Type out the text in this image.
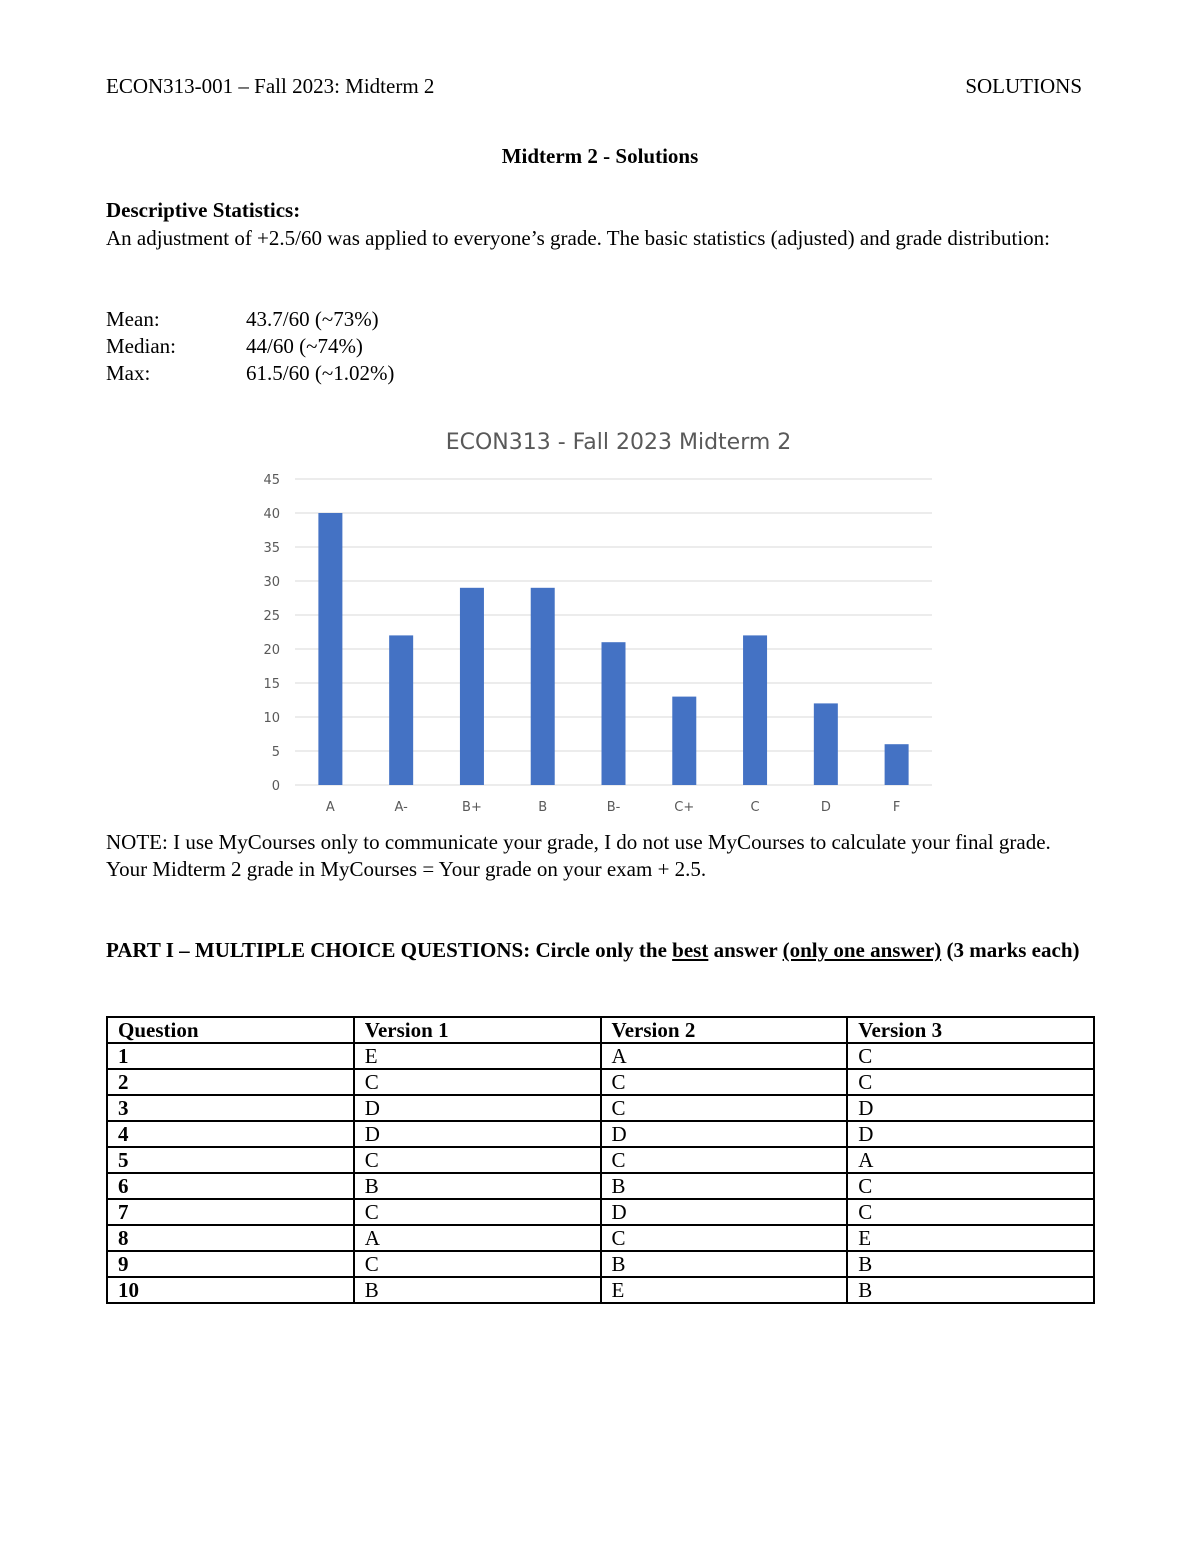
ECON313-001 – Fall 2023: Midterm 2	SOLUTIONS
Midterm 2 - Solutions
Descriptive Statistics:
An adjustment of +2.5/60 was applied to everyone’s grade. The basic statistics (adjusted) and grade distribution:
Mean:	43.7/60 (~73%)
Median:	44/60 (~74%)
Max:	61.5/60 (~1.02%)
ECON313 - Fall 2023 Midterm 2
0
5
10
15
20
25
30
35
40
45
A	A-	B+	B	B-	C+	C	D	F
NOTE: I use MyCourses only to communicate your grade, I do not use MyCourses to calculate your final grade. Your Midterm 2 grade in MyCourses = Your grade on your exam + 2.5.
PART I – MULTIPLE CHOICE QUESTIONS: Circle only the best answer (only one answer) (3 marks each)
Question	Version 1	Version 2	Version 3
1	E	A	C
2	C	C	C
3	D	C	D
4	D	D	D
5	C	C	A
6	B	B	C
7	C	D	C
8	A	C	E
9	C	B	B
10	B	E	B
